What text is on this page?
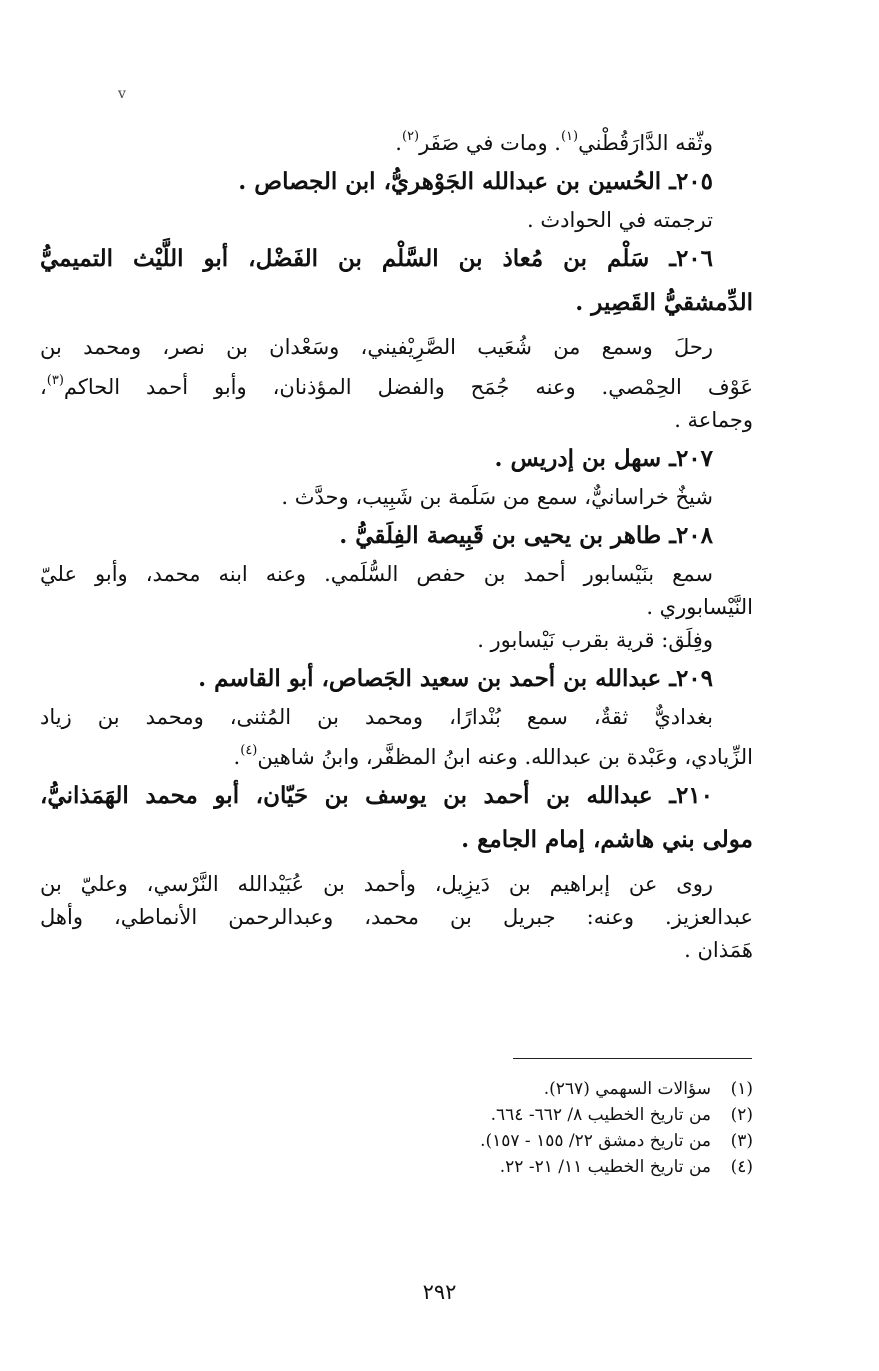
v

وثّقه الدَّارَقُطْني$^{(١)}$. ومات في صَفَر$^{(٢)}$.

٢٠٥ـ الحُسين بن عبدالله الجَوْهريُّ، ابن الجصاص .

ترجمته في الحوادث .

٢٠٦ـ سَلْم بن مُعاذ بن السَّلْم بن الفَضْل، أبو اللَّيْث التميميُّ

الدِّمشقيُّ القَصِير .

رحلَ وسمع من شُعَيب الصَّرِيْفيني، وسَعْدان بن نصر، ومحمد بن

عَوْف الحِمْصي. وعنه جُمَح والفضل المؤذنان، وأبو أحمد الحاكم$^{(٣)}$،

وجماعة .

٢٠٧ـ سهل بن إدريس .

شيخٌ خراسانيٌّ، سمع من سَلَمة بن شَبِيب، وحدَّث .

٢٠٨ـ طاهر بن يحيى بن قَبِيصة الفِلَقيُّ .

سمع بنَيْسابور أحمد بن حفص السُّلَمي. وعنه ابنه محمد، وأبو عليّ

النَّيْسابوري .

وفِلَق: قرية بقرب نَيْسابور .

٢٠٩ـ عبدالله بن أحمد بن سعيد الجَصاص، أبو القاسم .

بغداديٌّ ثقةٌ، سمع بُنْدارًا، ومحمد بن المُثنى، ومحمد بن زياد

الزِّيادي، وعَبْدة بن عبدالله. وعنه ابنُ المظفَّر، وابنُ شاهين$^{(٤)}$.

٢١٠ـ عبدالله بن أحمد بن يوسف بن حَيّان، أبو محمد الهَمَذانيُّ،

مولى بني هاشم، إمام الجامع .

روى عن إبراهيم بن دَيزِيل، وأحمد بن عُبَيْدالله النَّرْسي، وعليّ بن

عبدالعزيز. وعنه: جبريل بن محمد، وعبدالرحمن الأنماطي، وأهل

هَمَذان .

(١)
سؤالات السهمي (٢٦٧).
(٢)
من تاريخ الخطيب ٨/ ٦٦٢- ٦٦٤.
(٣)
من تاريخ دمشق ٢٢/ ١٥٥ - ١٥٧).
(٤)
من تاريخ الخطيب ١١/ ٢١- ٢٢.
٢٩٢
